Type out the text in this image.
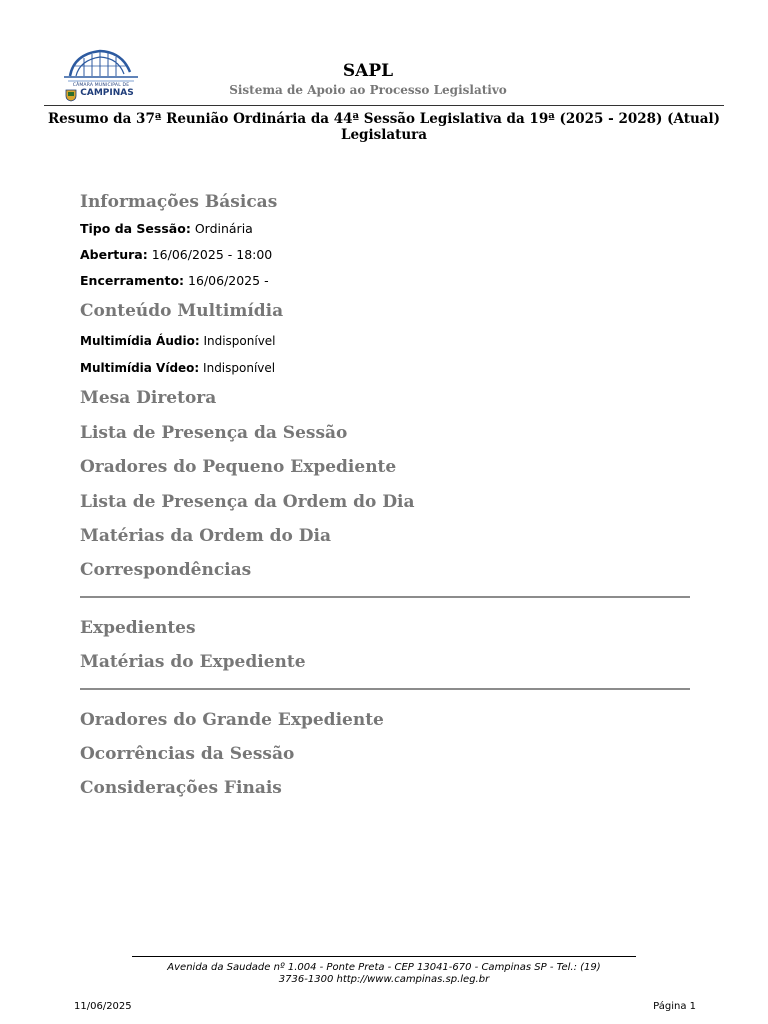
CÂMARA MUNICIPAL DE
CAMPINAS
SAPL
Sistema de Apoio ao Processo Legislativo
Resumo da 37ª Reunião Ordinária da 44ª Sessão Legislativa da 19ª (2025 - 2028) (Atual) Legislatura
Informações Básicas
Tipo da Sessão: Ordinária
Abertura: 16/06/2025 - 18:00
Encerramento: 16/06/2025 -
Conteúdo Multimídia
Multimídia Áudio: Indisponível
Multimídia Vídeo: Indisponível
Mesa Diretora
Lista de Presença da Sessão
Oradores do Pequeno Expediente
Lista de Presença da Ordem do Dia
Matérias da Ordem do Dia
Correspondências
Expedientes
Matérias do Expediente
Oradores do Grande Expediente
Ocorrências da Sessão
Considerações Finais
Avenida da Saudade nº 1.004 - Ponte Preta - CEP 13041-670 - Campinas SP - Tel.: (19)
3736-1300 http://www.campinas.sp.leg.br
11/06/2025	Página 1
